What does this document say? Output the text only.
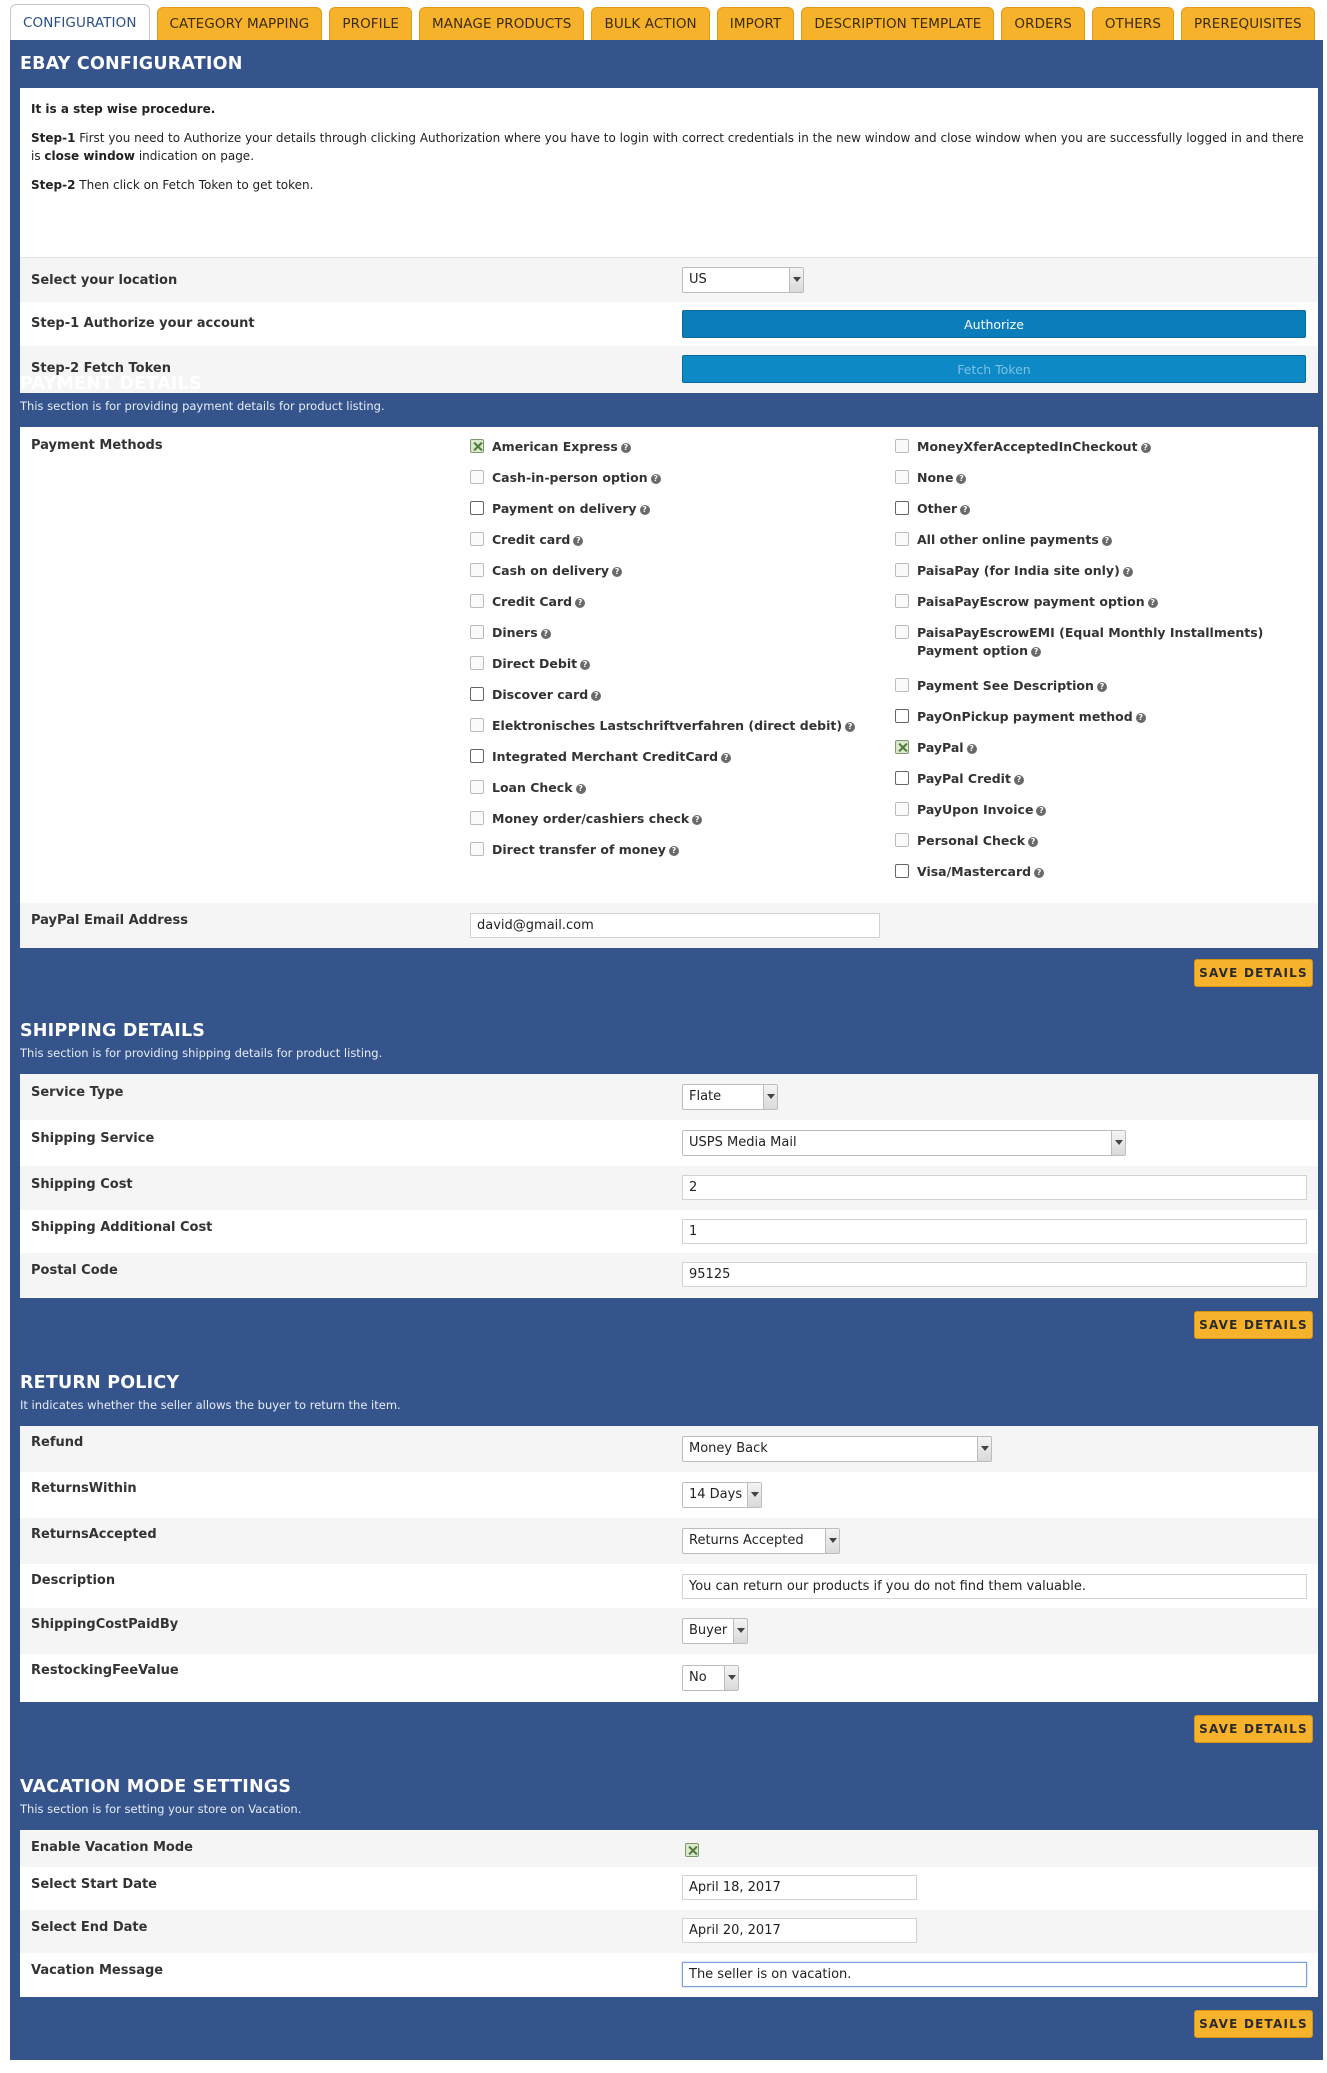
CONFIGURATION	CATEGORY MAPPING	PROFILE	MANAGE PRODUCTS	BULK ACTION	IMPORT	DESCRIPTION TEMPLATE	ORDERS	OTHERS	PREREQUISITES
EBAY CONFIGURATION

It is a step wise procedure.

Step-1 First you need to Authorize your details through clicking Authorization where you have to login with correct credentials in the new window and close window when you are successfully logged in and there is close window indication on page.

Step-2 Then click on Fetch Token to get token.

Select your location	US
Step-1 Authorize your account	Authorize
Step-2 Fetch Token	Fetch Token
PAYMENT DETAILS
This section is for providing payment details for product listing.
Payment Methods	American Express ?
Cash-in-person option ?
Payment on delivery ?
Credit card ?
Cash on delivery ?
Credit Card ?
Diners ?
Direct Debit ?
Discover card ?
Elektronisches Lastschriftverfahren (direct debit) ?
Integrated Merchant CreditCard ?
Loan Check ?
Money order/cashiers check ?
Direct transfer of money ?
MoneyXferAcceptedInCheckout ?
None ?
Other ?
All other online payments ?
PaisaPay (for India site only) ?
PaisaPayEscrow payment option ?
PaisaPayEscrowEMI (Equal Monthly Installments) Payment option ?
Payment See Description ?
PayOnPickup payment method ?
PayPal ?
PayPal Credit ?
PayUpon Invoice ?
Personal Check ?
Visa/Mastercard ?
PayPal Email Address	david@gmail.com
SAVE DETAILS
SHIPPING DETAILS
This section is for providing shipping details for product listing.
Service Type	Flate
Shipping Service	USPS Media Mail
Shipping Cost	2
Shipping Additional Cost	1
Postal Code	95125
SAVE DETAILS
RETURN POLICY
It indicates whether the seller allows the buyer to return the item.
Refund	Money Back
ReturnsWithin	14 Days
ReturnsAccepted	Returns Accepted
Description	You can return our products if you do not find them valuable.
ShippingCostPaidBy	Buyer
RestockingFeeValue	No
SAVE DETAILS
VACATION MODE SETTINGS
This section is for setting your store on Vacation.
Enable Vacation Mode
Select Start Date	April 18, 2017
Select End Date	April 20, 2017
Vacation Message	The seller is on vacation.
SAVE DETAILS
